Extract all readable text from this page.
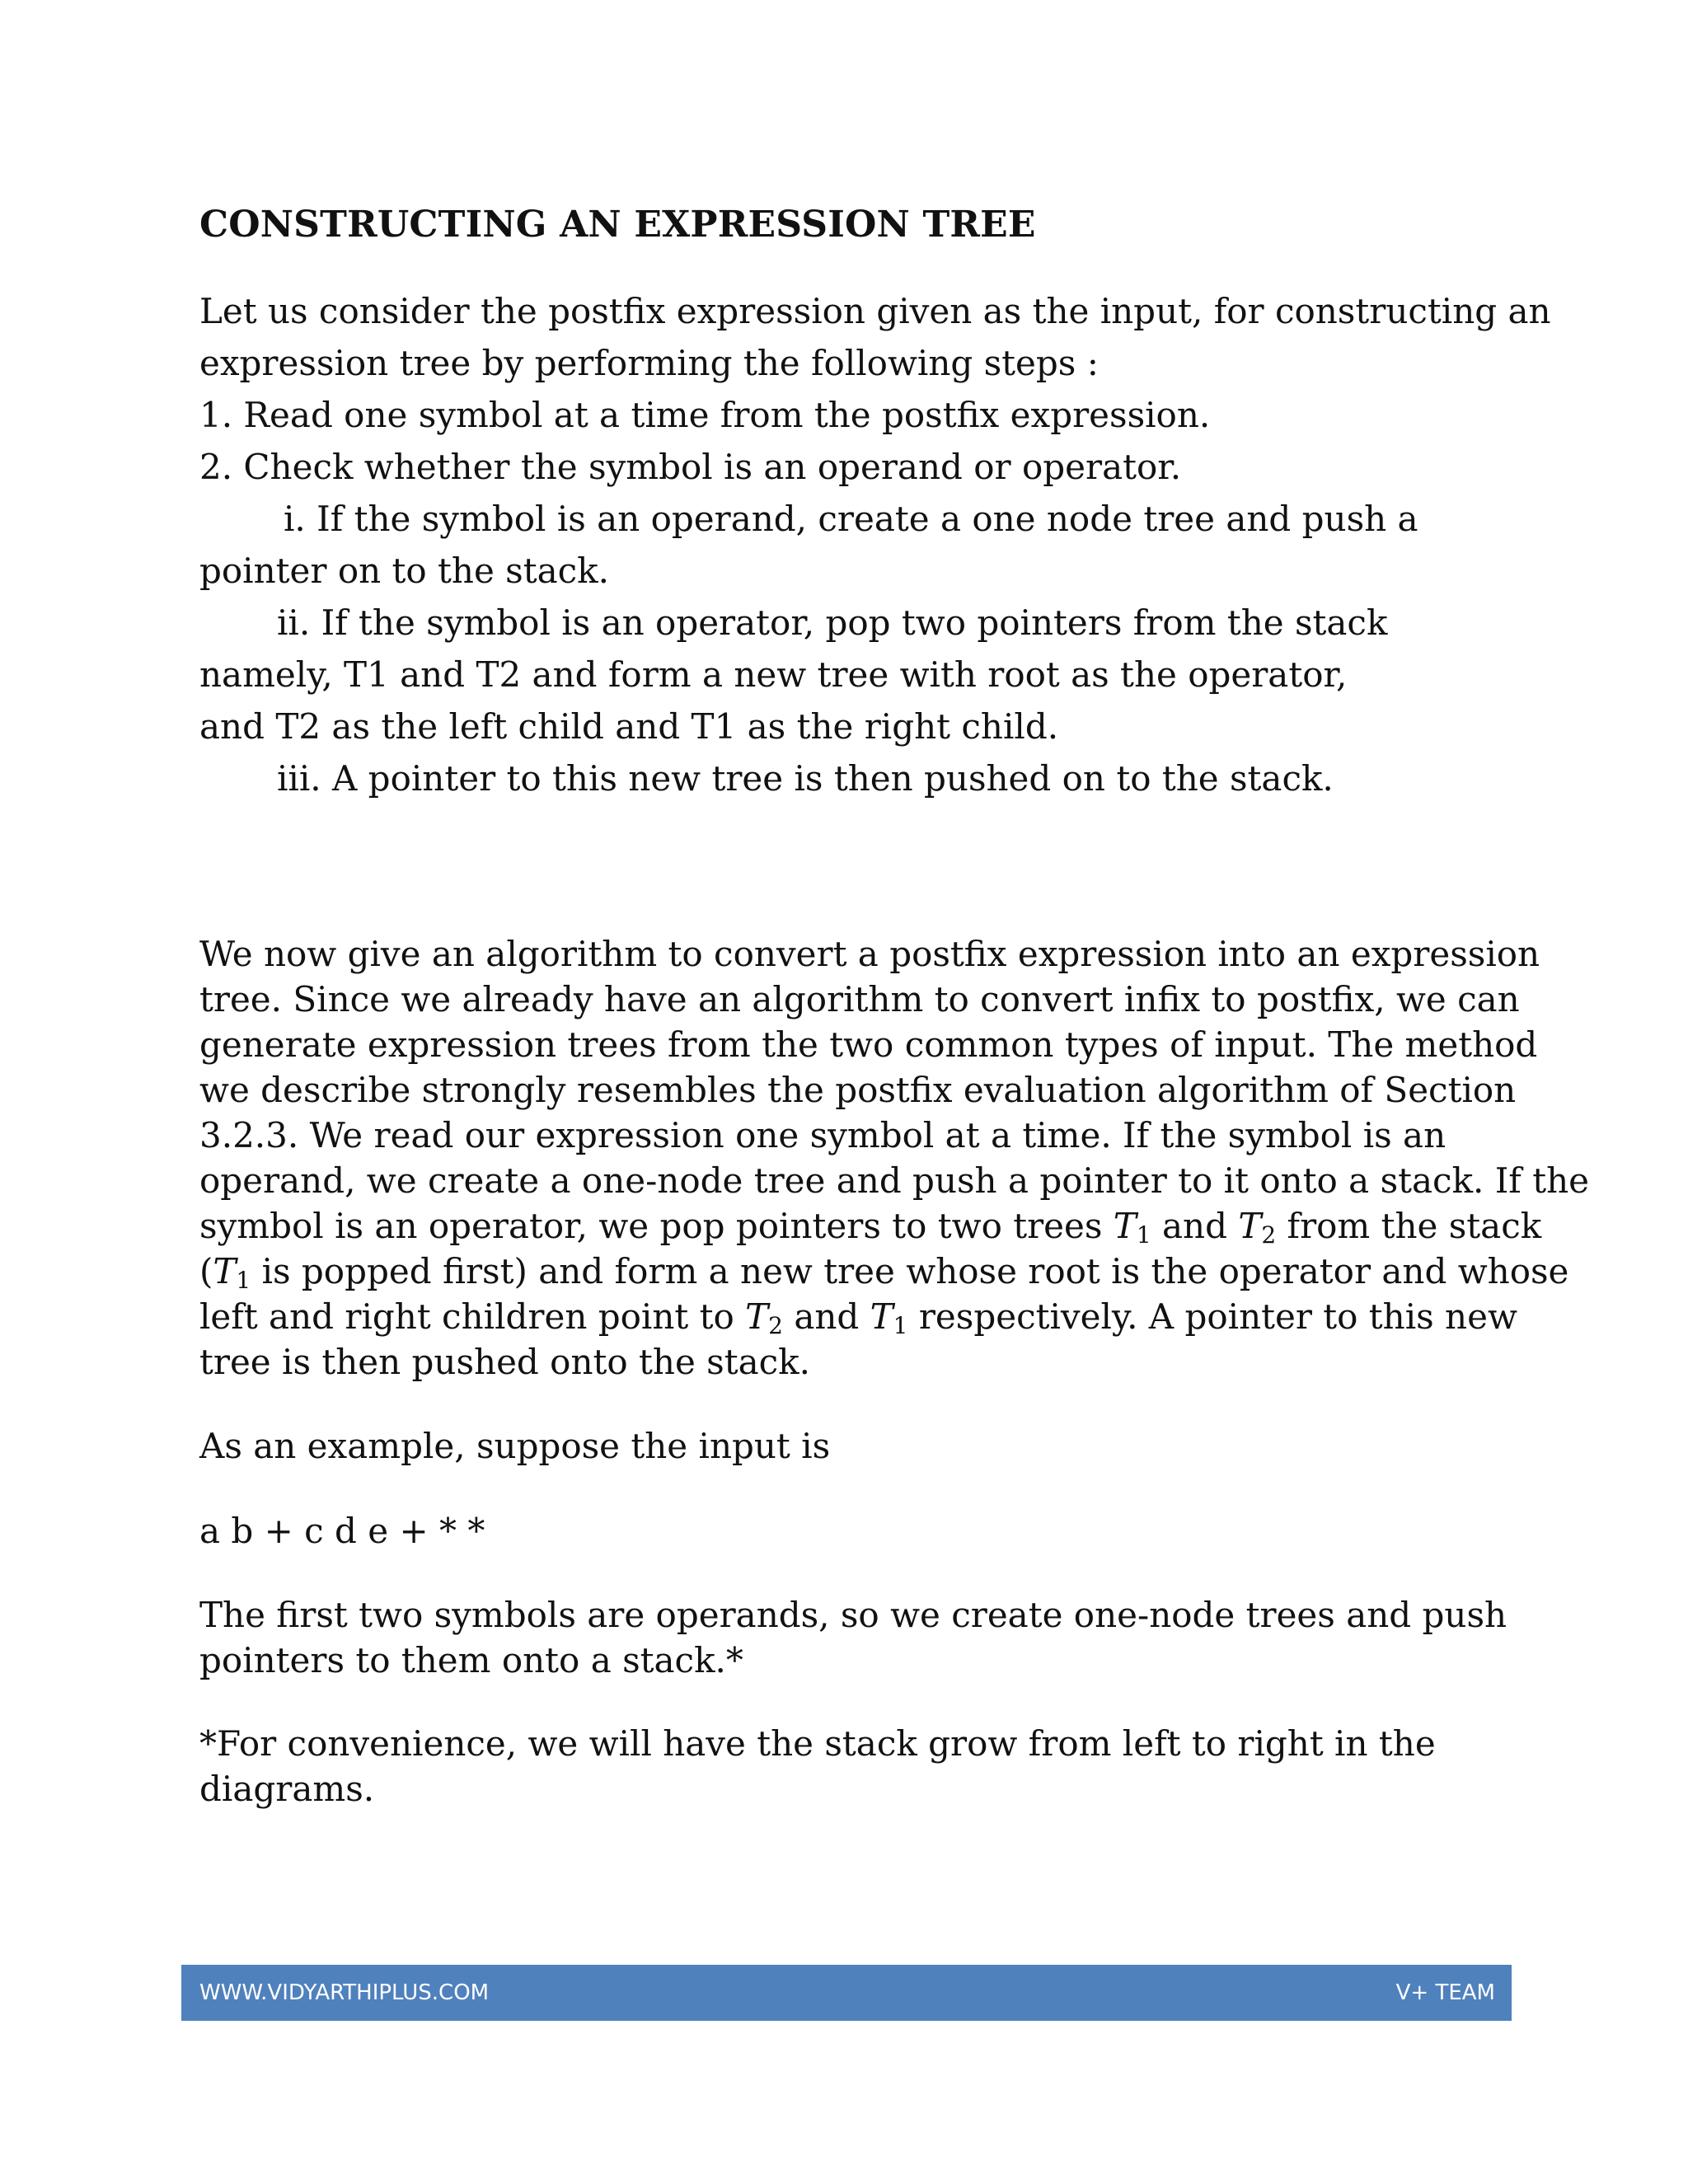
CONSTRUCTING AN EXPRESSION TREE
Let us consider the postfix expression given as the input, for constructing an
expression tree by performing the following steps :
1. Read one symbol at a time from the postfix expression.
2. Check whether the symbol is an operand or operator.
i. If the symbol is an operand, create a one node tree and push a
pointer on to the stack.
ii. If the symbol is an operator, pop two pointers from the stack
namely, T1 and T2 and form a new tree with root as the operator,
and T2 as the left child and T1 as the right child.
iii. A pointer to this new tree is then pushed on to the stack.
We now give an algorithm to convert a postfix expression into an expression
tree. Since we already have an algorithm to convert infix to postfix, we can
generate expression trees from the two common types of input. The method
we describe strongly resembles the postfix evaluation algorithm of Section
3.2.3. We read our expression one symbol at a time. If the symbol is an
operand, we create a one-node tree and push a pointer to it onto a stack. If the
symbol is an operator, we pop pointers to two trees $T_1$ and $T_2$ from the stack
($T_1$ is popped first) and form a new tree whose root is the operator and whose
left and right children point to $T_2$ and $T_1$ respectively. A pointer to this new
tree is then pushed onto the stack.
As an example, suppose the input is
a b + c d e + * *
The first two symbols are operands, so we create one-node trees and push
pointers to them onto a stack.*
*For convenience, we will have the stack grow from left to right in the
diagrams.
WWW.VIDYARTHIPLUS.COM	V+ TEAM
